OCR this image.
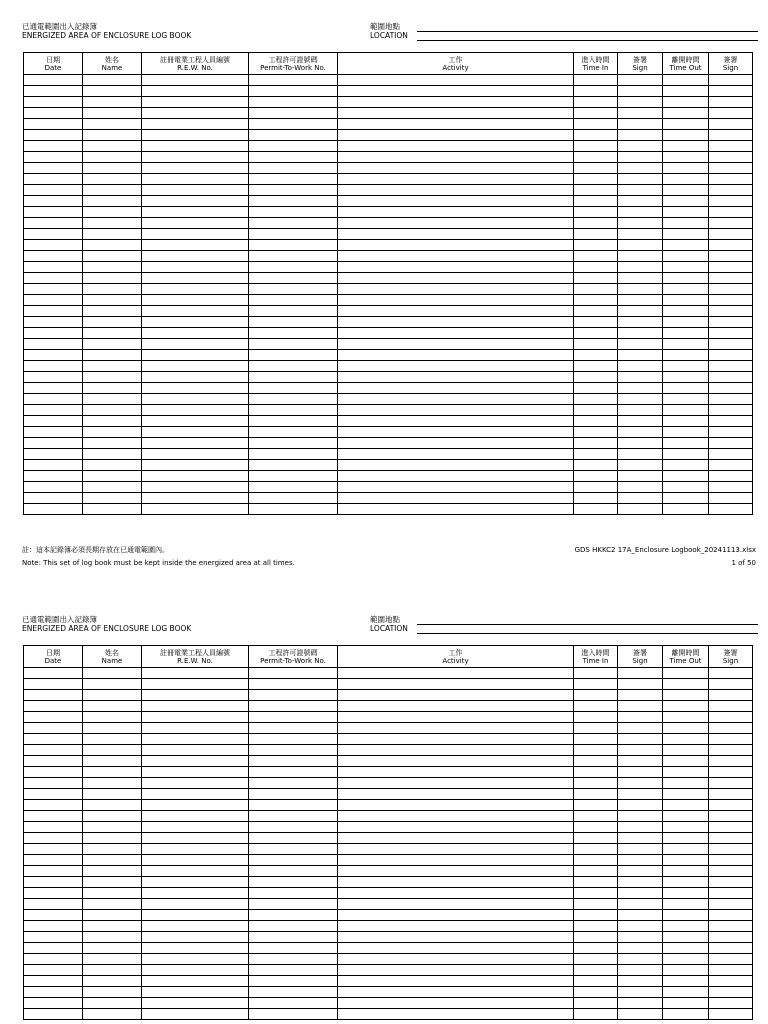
已通電範圍出入記錄簿
ENERGIZED AREA OF ENCLOSURE LOG BOOK
範圍地點
LOCATION
日期
Date	姓名
Name	註冊電業工程人員編號
R.E.W. No.	工程許可證號碼
Permit-To-Work No.	工作
Activity	進入時間
Time In	簽署
Sign	離開時間
Time Out	簽署
Sign

註：這本記錄簿必須長期存放在已通電範圍內。
Note: This set of log book must be kept inside the energized area at all times.
GDS HKKC2 17A_Enclosure Logbook_20241113.xlsx
1 of 50
已通電範圍出入記錄簿
ENERGIZED AREA OF ENCLOSURE LOG BOOK
範圍地點
LOCATION
日期
Date	姓名
Name	註冊電業工程人員編號
R.E.W. No.	工程許可證號碼
Permit-To-Work No.	工作
Activity	進入時間
Time In	簽署
Sign	離開時間
Time Out	簽署
Sign
